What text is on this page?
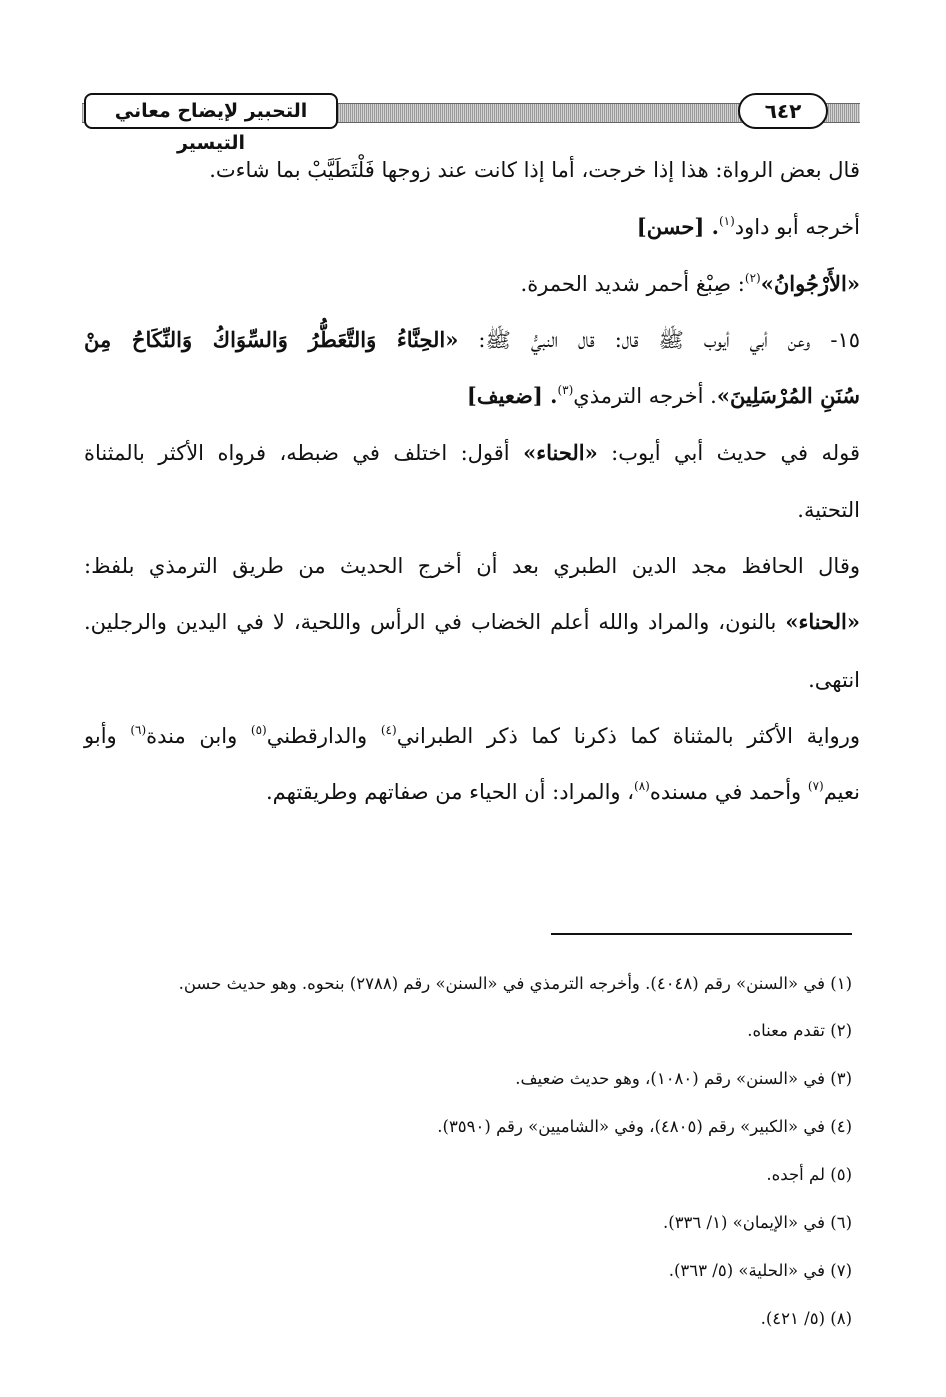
التحبير لإيضاح معاني التيسير
٦٤٢
قال بعض الرواة: هذا إذا خرجت، أما إذا كانت عند زوجها فَلْتَطَيَّبْ بما شاءت.
أخرجه أبو داود$^{(١)}$. [حسن]
«الأَرْجُوانُ»$^{(٢)}$: صِبْغ أحمر شديد الحمرة.
١٥- وعن أبي أيوب ﷺ قال: قال النبيُّ ﷺ: «الحِنَّاءُ وَالتَّعَطُّرُ وَالسِّوَاكُ وَالنِّكَاحُ مِنْ
سُنَنِ المُرْسَلِينَ». أخرجه الترمذي$^{(٣)}$. [ضعيف]
قوله في حديث أبي أيوب: «الحناء» أقول: اختلف في ضبطه، فرواه الأكثر بالمثناة
التحتية.
وقال الحافظ مجد الدين الطبري بعد أن أخرج الحديث من طريق الترمذي بلفظ:
«الحناء» بالنون، والمراد والله أعلم الخضاب في الرأس واللحية، لا في اليدين والرجلين.
انتهى.
ورواية الأكثر بالمثناة كما ذكرنا كما ذكر الطبراني$^{(٤)}$ والدارقطني$^{(٥)}$ وابن مندة$^{(٦)}$ وأبو
نعيم$^{(٧)}$ وأحمد في مسنده$^{(٨)}$، والمراد: أن الحياء من صفاتهم وطريقتهم.
(١) في «السنن» رقم (٤٠٤٨). وأخرجه الترمذي في «السنن» رقم (٢٧٨٨) بنحوه. وهو حديث حسن.
(٢) تقدم معناه.
(٣) في «السنن» رقم (١٠٨٠)، وهو حديث ضعيف.
(٤) في «الكبير» رقم (٤٨٠٥)، وفي «الشاميين» رقم (٣٥٩٠).
(٥) لم أجده.
(٦) في «الإيمان» (١/ ٣٣٦).
(٧) في «الحلية» (٥/ ٣٦٣).
(٨) (٥/ ٤٢١).
